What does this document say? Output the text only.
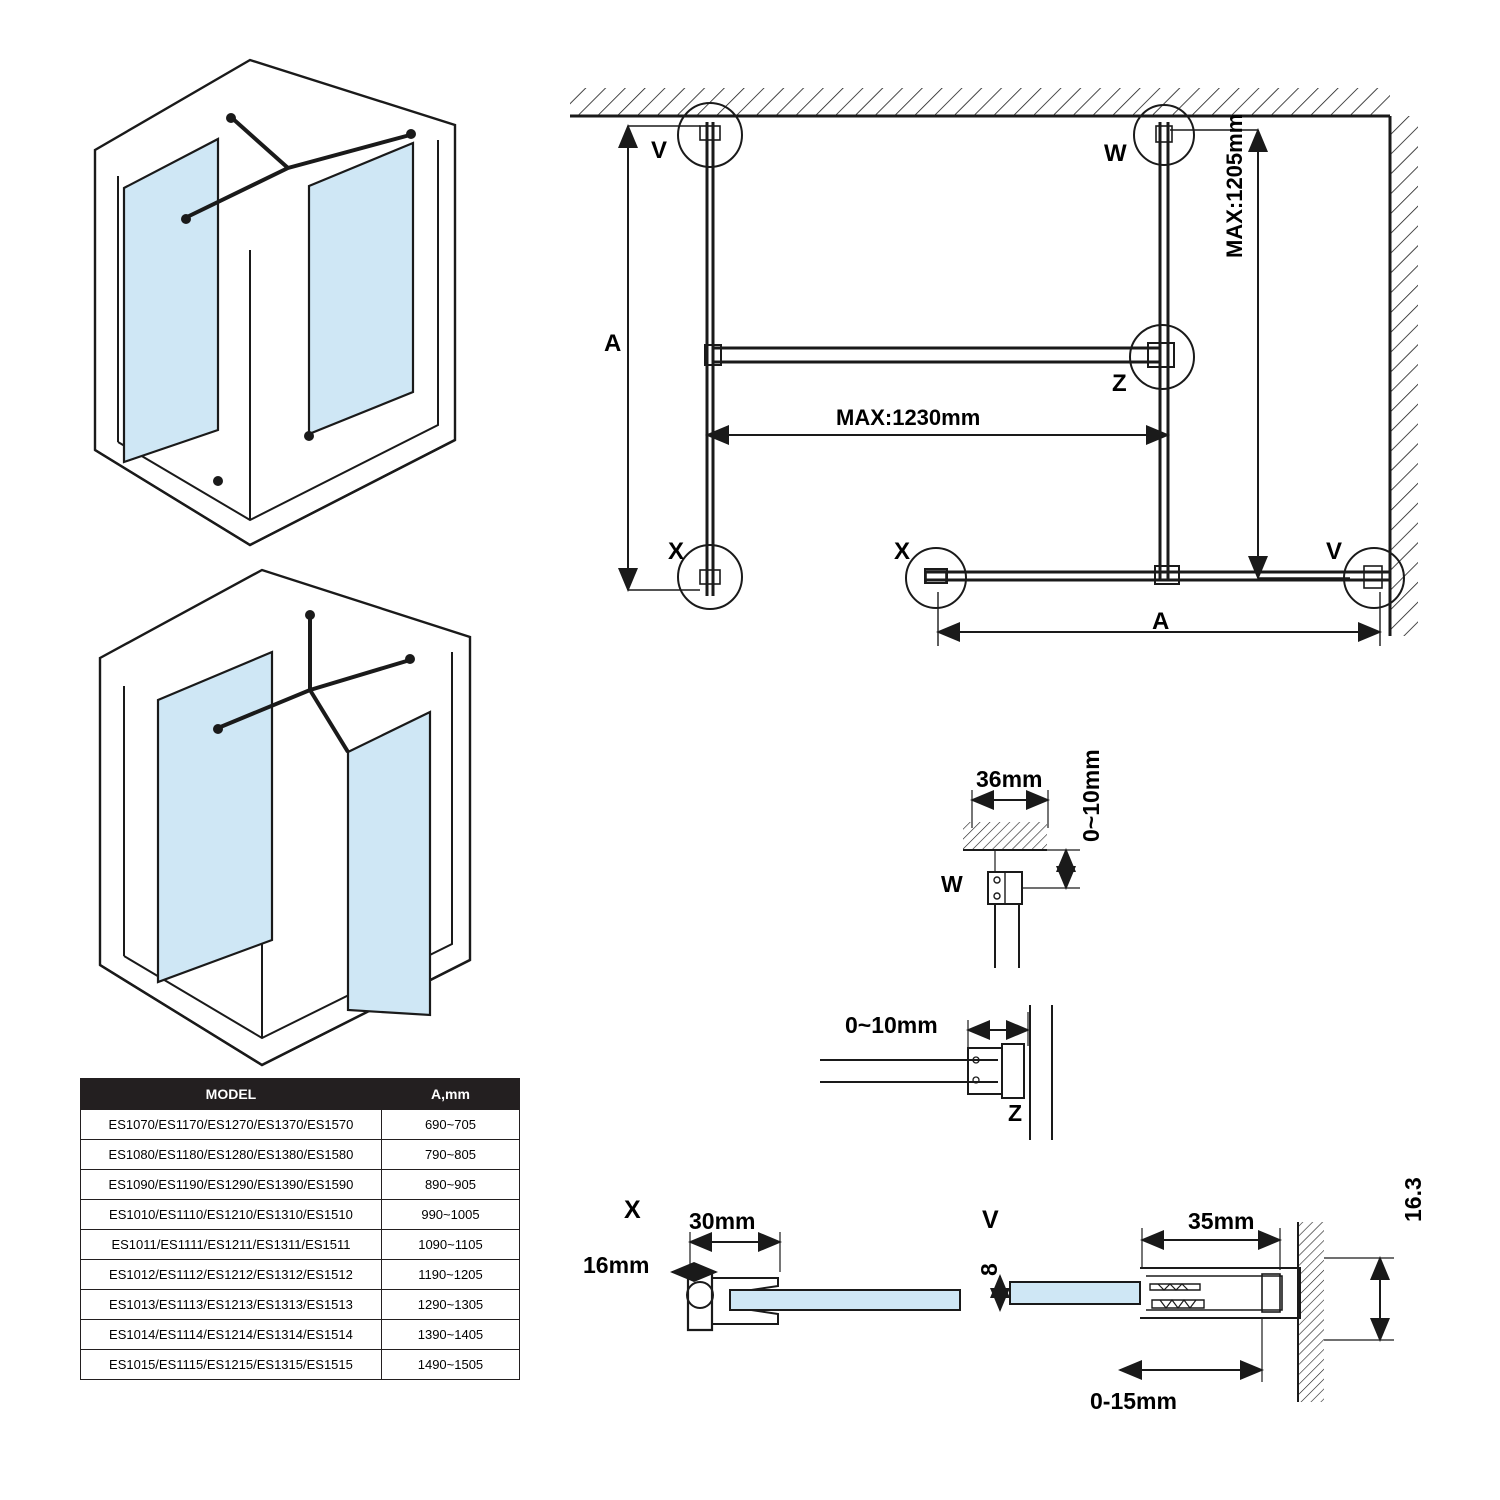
V	W
Z
X	X	V
A
A
MAX:1230mm
MAX:1205mm
W
36mm 0~10mm
0~10mm
Z
X 30mm
16mm
V	35mm	16.3
8
0-15mm
MODEL	A,mm
ES1070/ES1170/ES1270/ES1370/ES1570	690~705
ES1080/ES1180/ES1280/ES1380/ES1580	790~805
ES1090/ES1190/ES1290/ES1390/ES1590	890~905
ES1010/ES1110/ES1210/ES1310/ES1510	990~1005
ES1011/ES1111/ES1211/ES1311/ES1511	1090~1105
ES1012/ES1112/ES1212/ES1312/ES1512	1190~1205
ES1013/ES1113/ES1213/ES1313/ES1513	1290~1305
ES1014/ES1114/ES1214/ES1314/ES1514	1390~1405
ES1015/ES1115/ES1215/ES1315/ES1515	1490~1505
